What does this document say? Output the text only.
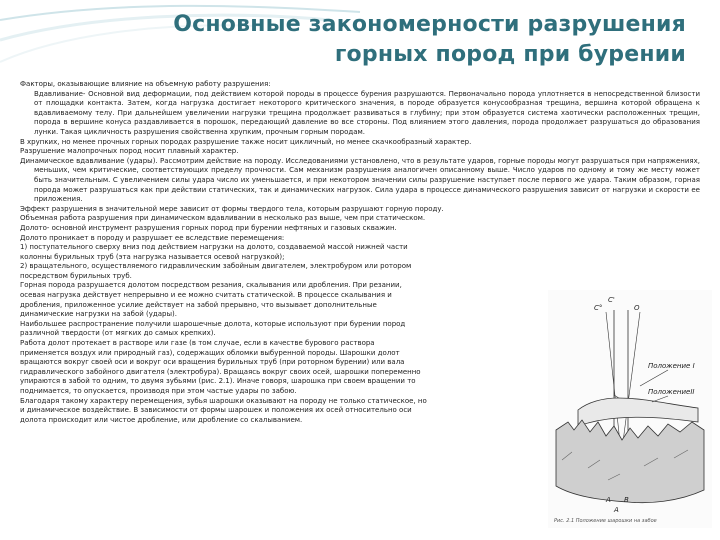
Основные закономерности разрушения
горных пород при бурении

Факторы, оказывающие влияние на объемную работу разрушения:

Вдавливание- Основной вид деформации, под действием которой породы в процессе бурения разрушаются. Первоначально порода уплотняется в непосредственной близости от площадки контакта. Затем, когда нагрузка достигает некоторого критического значения, в породе образуется конусообразная трещина, вершина которой обращена к вдавливаемому телу. При дальнейшем увеличении нагрузки трещина продолжает развиваться в глубину; при этом образуется система хаотически расположенных трещин, порода в вершине конуса раздавливается в порошок, передающий давление во все стороны. Под влиянием этого давления, порода продолжает разрушаться до образования лунки. Такая цикличность разрушения свойственна хрупким, прочным горным породам.

В хрупких, но менее прочных горных породах разрушение также носит цикличный, но менее скачкообразный характер.

Разрушение малопрочных пород носит плавный характер.

Динамическое вдавливание (удары). Рассмотрим действие на породу. Исследованиями установлено, что в результате ударов, горные породы могут разрушаться при напряжениях, меньших, чем критические, соответствующих пределу прочности. Сам механизм разрушения аналогичен описанному выше. Число ударов по одному и тому же месту может быть значительным. С увеличением силы удара число их уменьшается, и при некотором значении силы разрушение наступает после первого же удара. Таким образом, горная порода может разрушаться как при действии статических, так и динамических нагрузок. Сила удара в процессе динамического разрушения зависит от нагрузки и скорости ее приложения.

Эффект разрушения в значительной мере зависит от формы твердого тела, которым разрушают горную породу.

Объемная работа разрушения при динамическом вдавливании в несколько раз выше, чем при статическом.

Долото- основной инструмент разрушения горных пород при бурении нефтяных и газовых скважин.

Долото проникает в породу и разрушает ее вследствие перемещения:

1) поступательного сверху вниз под действием нагрузки на долото, создаваемой массой нижней части

колонны бурильных труб (эта нагрузка называется осевой нагрузкой);

2) вращательного, осуществляемого гидравлическим забойным двигателем, электробуром или ротором

посредством бурильных труб.

Горная порода разрушается долотом посредством резания, скалывания или дробления. При резании,

осевая нагрузка действует непрерывно и ее можно считать статической. В процессе скалывания и

дробления, приложенное усилие действует на забой прерывно, что вызывает дополнительные

динамические нагрузки на забой (удары).

Наибольшее распространение получили шарошечные долота, которые используют при бурении пород

различной твердости (от мягких до самых крепких).

Работа долот протекает в растворе или газе (в том случае, если в качестве бурового раствора

применяется воздух или природный газ), содержащих обломки выбуренной породы. Шарошки долот

вращаются вокруг своей оси и вокруг оси вращения бурильных труб (при роторном бурении) или вала

гидравлического забойного двигателя (электробура). Вращаясь вокруг своих осей, шарошки попеременно

упираются в забой то одним, то двумя зубьями (рис. 2.1). Иначе говоря, шарошка при своем вращении то

поднимается, то опускается, производя при этом частые удары по забою.

Благодаря такому характеру перемещения, зубья шарошки оказывают на породу не только статическое, но

и динамическое воздействие. В зависимости от формы шарошек и положения их осей относительно оси

долота происходит или чистое дробление, или дробление со скалыванием.

С°
С'
О
Положение I
ПоложениеII
А В
А
Рис. 2.1 Положение шарошки на забое
